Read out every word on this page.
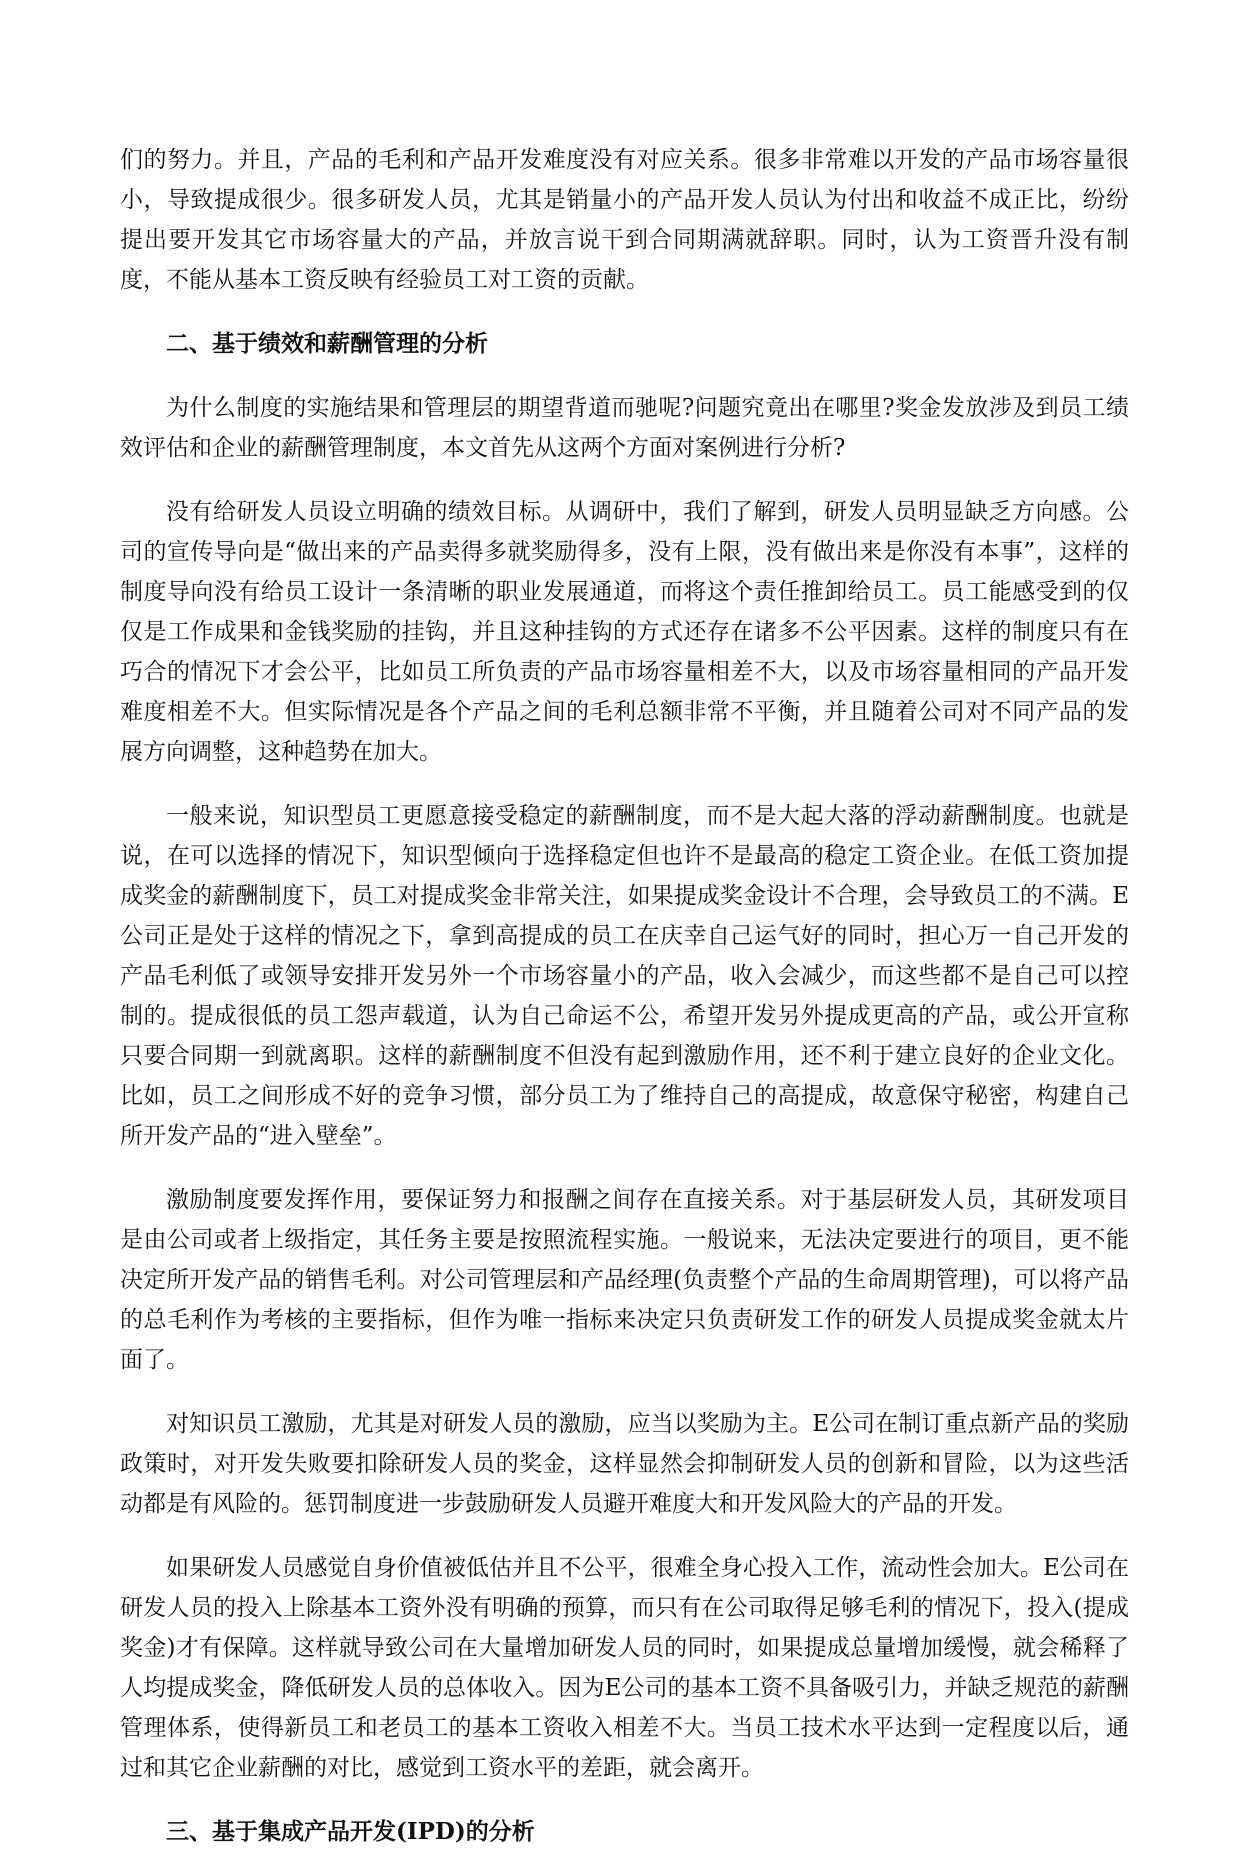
们的努力。并且，产品的毛利和产品开发难度没有对应关系。很多非常难以开发的产品市场容量很小，导致提成很少。很多研发人员，尤其是销量小的产品开发人员认为付出和收益不成正比，纷纷提出要开发其它市场容量大的产品，并放言说干到合同期满就辞职。同时，认为工资晋升没有制度，不能从基本工资反映有经验员工对工资的贡献。

二、基于绩效和薪酬管理的分析

为什么制度的实施结果和管理层的期望背道而驰呢?问题究竟出在哪里?奖金发放涉及到员工绩效评估和企业的薪酬管理制度，本文首先从这两个方面对案例进行分析?

没有给研发人员设立明确的绩效目标。从调研中，我们了解到，研发人员明显缺乏方向感。公司的宣传导向是“做出来的产品卖得多就奖励得多，没有上限，没有做出来是你没有本事”，这样的制度导向没有给员工设计一条清晰的职业发展通道，而将这个责任推卸给员工。员工能感受到的仅仅是工作成果和金钱奖励的挂钩，并且这种挂钩的方式还存在诸多不公平因素。这样的制度只有在巧合的情况下才会公平，比如员工所负责的产品市场容量相差不大，以及市场容量相同的产品开发难度相差不大。但实际情况是各个产品之间的毛利总额非常不平衡，并且随着公司对不同产品的发展方向调整，这种趋势在加大。

一般来说，知识型员工更愿意接受稳定的薪酬制度，而不是大起大落的浮动薪酬制度。也就是说，在可以选择的情况下，知识型倾向于选择稳定但也许不是最高的稳定工资企业。在低工资加提成奖金的薪酬制度下，员工对提成奖金非常关注，如果提成奖金设计不合理，会导致员工的不满。E公司正是处于这样的情况之下，拿到高提成的员工在庆幸自己运气好的同时，担心万一自己开发的产品毛利低了或领导安排开发另外一个市场容量小的产品，收入会减少，而这些都不是自己可以控制的。提成很低的员工怨声载道，认为自己命运不公，希望开发另外提成更高的产品，或公开宣称只要合同期一到就离职。这样的薪酬制度不但没有起到激励作用，还不利于建立良好的企业文化。比如，员工之间形成不好的竞争习惯，部分员工为了维持自己的高提成，故意保守秘密，构建自己所开发产品的“进入壁垒”。

激励制度要发挥作用，要保证努力和报酬之间存在直接关系。对于基层研发人员，其研发项目是由公司或者上级指定，其任务主要是按照流程实施。一般说来，无法决定要进行的项目，更不能决定所开发产品的销售毛利。对公司管理层和产品经理(负责整个产品的生命周期管理)，可以将产品的总毛利作为考核的主要指标，但作为唯一指标来决定只负责研发工作的研发人员提成奖金就太片面了。

对知识员工激励，尤其是对研发人员的激励，应当以奖励为主。E公司在制订重点新产品的奖励政策时，对开发失败要扣除研发人员的奖金，这样显然会抑制研发人员的创新和冒险，以为这些活动都是有风险的。惩罚制度进一步鼓励研发人员避开难度大和开发风险大的产品的开发。

如果研发人员感觉自身价值被低估并且不公平，很难全身心投入工作，流动性会加大。E公司在研发人员的投入上除基本工资外没有明确的预算，而只有在公司取得足够毛利的情况下，投入(提成奖金)才有保障。这样就导致公司在大量增加研发人员的同时，如果提成总量增加缓慢，就会稀释了人均提成奖金，降低研发人员的总体收入。因为E公司的基本工资不具备吸引力，并缺乏规范的薪酬管理体系，使得新员工和老员工的基本工资收入相差不大。当员工技术水平达到一定程度以后，通过和其它企业薪酬的对比，感觉到工资水平的差距，就会离开。

三、基于集成产品开发(IPD)的分析
